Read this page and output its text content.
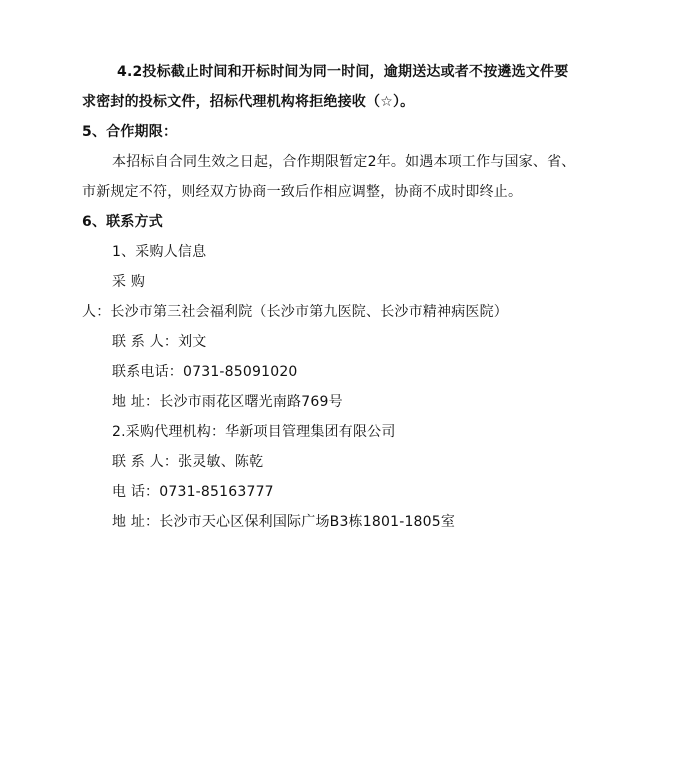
4.2投标截止时间和开标时间为同一时间，逾期送达或者不按遴选文件要
求密封的投标文件，招标代理机构将拒绝接收（☆）。
5、合作期限：
本招标自合同生效之日起，合作期限暂定2年。如遇本项工作与国家、省、
市新规定不符，则经双方协商一致后作相应调整，协商不成时即终止。
6、联系方式
1、采购人信息
采 购
人：长沙市第三社会福利院（长沙市第九医院、长沙市精神病医院）
联 系 人：刘文
联系电话：0731-85091020
地 址：长沙市雨花区曙光南路769号
2.采购代理机构：华新项目管理集团有限公司
联 系 人：张灵敏、陈乾
电 话：0731-85163777
地 址：长沙市天心区保利国际广场B3栋1801-1805室
